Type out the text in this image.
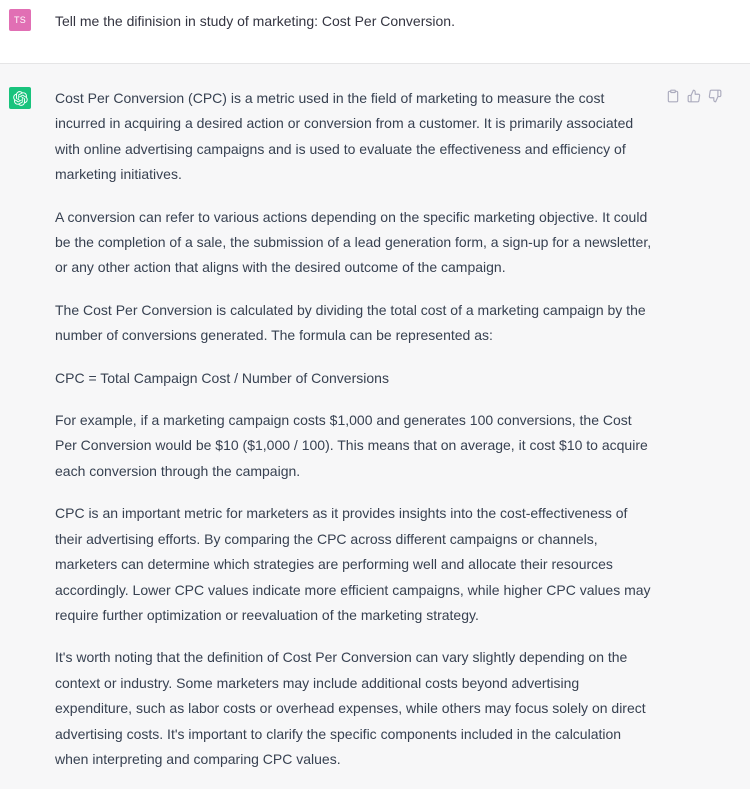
TS	Tell me the difinision in study of marketing: Cost Per Conversion.

Cost Per Conversion (CPC) is a metric used in the field of marketing to measure the cost incurred in acquiring a desired action or conversion from a customer. It is primarily associated with online advertising campaigns and is used to evaluate the effectiveness and efficiency of marketing initiatives.

A conversion can refer to various actions depending on the specific marketing objective. It could be the completion of a sale, the submission of a lead generation form, a sign-up for a newsletter, or any other action that aligns with the desired outcome of the campaign.

The Cost Per Conversion is calculated by dividing the total cost of a marketing campaign by the number of conversions generated. The formula can be represented as:

CPC = Total Campaign Cost / Number of Conversions

For example, if a marketing campaign costs $1,000 and generates 100 conversions, the Cost Per Conversion would be $10 ($1,000 / 100). This means that on average, it cost $10 to acquire each conversion through the campaign.

CPC is an important metric for marketers as it provides insights into the cost-effectiveness of their advertising efforts. By comparing the CPC across different campaigns or channels, marketers can determine which strategies are performing well and allocate their resources accordingly. Lower CPC values indicate more efficient campaigns, while higher CPC values may require further optimization or reevaluation of the marketing strategy.

It's worth noting that the definition of Cost Per Conversion can vary slightly depending on the context or industry. Some marketers may include additional costs beyond advertising expenditure, such as labor costs or overhead expenses, while others may focus solely on direct advertising costs. It's important to clarify the specific components included in the calculation when interpreting and comparing CPC values.
